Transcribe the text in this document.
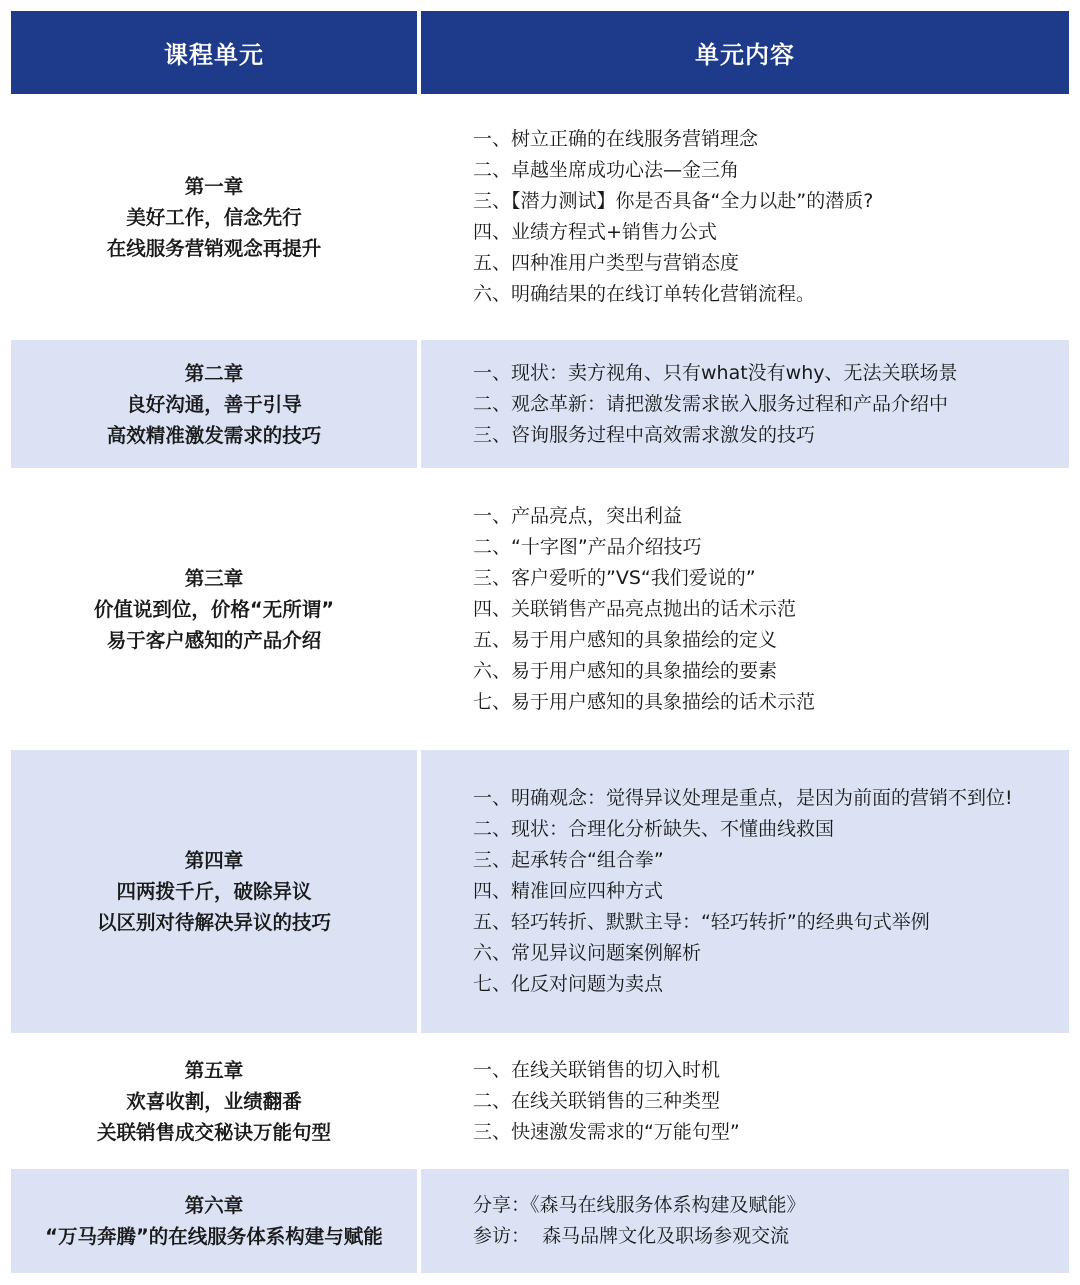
课程单元	单元内容
第一章
美好工作，信念先行
在线服务营销观念再提升
一、树立正确的在线服务营销理念
二、卓越坐席成功心法—金三角
三、【潜力测试】你是否具备“全力以赴”的潜质?
四、业绩方程式+销售力公式
五、四种准用户类型与营销态度
六、明确结果的在线订单转化营销流程。
第二章
良好沟通，善于引导
高效精准激发需求的技巧
一、现状：卖方视角、只有what没有why、无法关联场景
二、观念革新：请把激发需求嵌入服务过程和产品介绍中
三、咨询服务过程中高效需求激发的技巧
第三章
价值说到位，价格“无所谓”
易于客户感知的产品介绍
一、产品亮点，突出利益
二、“十字图”产品介绍技巧
三、客户爱听的”VS“我们爱说的”
四、关联销售产品亮点抛出的话术示范
五、易于用户感知的具象描绘的定义
六、易于用户感知的具象描绘的要素
七、易于用户感知的具象描绘的话术示范
第四章
四两拨千斤，破除异议
以区别对待解决异议的技巧
一、明确观念：觉得异议处理是重点，是因为前面的营销不到位!
二、现状：合理化分析缺失、不懂曲线救国
三、起承转合“组合拳”
四、精准回应四种方式
五、轻巧转折、默默主导：“轻巧转折”的经典句式举例
六、常见异议问题案例解析
七、化反对问题为卖点
第五章
欢喜收割，业绩翻番
关联销售成交秘诀万能句型
一、在线关联销售的切入时机
二、在线关联销售的三种类型
三、快速激发需求的“万能句型”
第六章
“万马奔腾”的在线服务体系构建与赋能
分享：《森马在线服务体系构建及赋能》
参访：  森马品牌文化及职场参观交流
